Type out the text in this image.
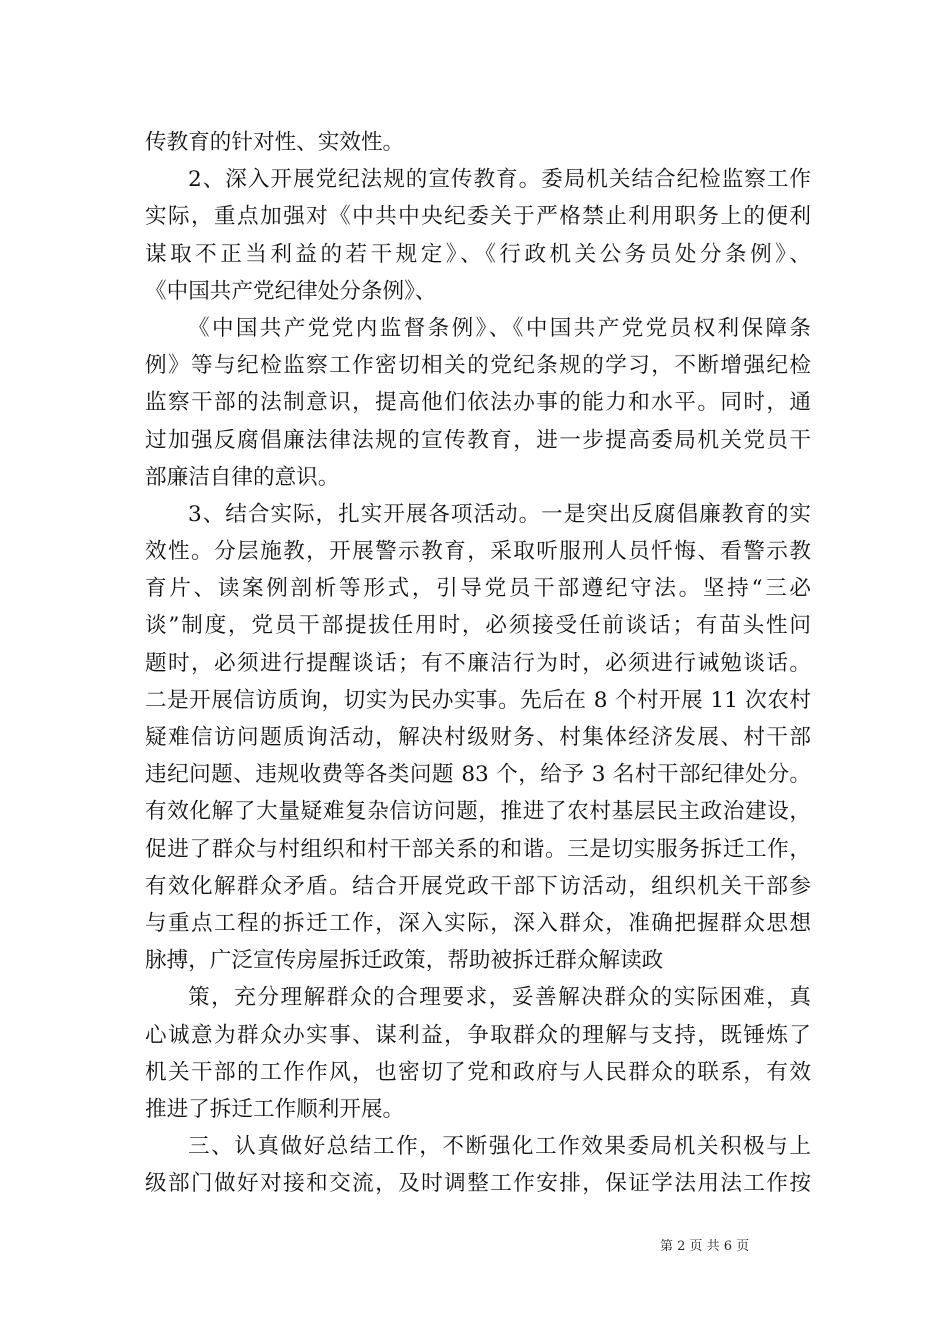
传教育的针对性、实效性。
2、深入开展党纪法规的宣传教育。委局机关结合纪检监察工作
实际，重点加强对《中共中央纪委关于严格禁止利用职务上的便利
谋取不正当利益的若干规定》、《行政机关公务员处分条例》、
《中国共产党纪律处分条例》、
《中国共产党党内监督条例》、《中国共产党党员权利保障条
例》等与纪检监察工作密切相关的党纪条规的学习，不断增强纪检
监察干部的法制意识，提高他们依法办事的能力和水平。同时，通
过加强反腐倡廉法律法规的宣传教育，进一步提高委局机关党员干
部廉洁自律的意识。
3、结合实际，扎实开展各项活动。一是突出反腐倡廉教育的实
效性。分层施教，开展警示教育，采取听服刑人员忏悔、看警示教
育片、读案例剖析等形式，引导党员干部遵纪守法。坚持“三必
谈”制度，党员干部提拔任用时，必须接受任前谈话；有苗头性问
题时，必须进行提醒谈话；有不廉洁行为时，必须进行诫勉谈话。
二是开展信访质询，切实为民办实事。先后在 8 个村开展 11 次农村
疑难信访问题质询活动，解决村级财务、村集体经济发展、村干部
违纪问题、违规收费等各类问题 83 个，给予 3 名村干部纪律处分。
有效化解了大量疑难复杂信访问题，推进了农村基层民主政治建设，
促进了群众与村组织和村干部关系的和谐。三是切实服务拆迁工作，
有效化解群众矛盾。结合开展党政干部下访活动，组织机关干部参
与重点工程的拆迁工作，深入实际，深入群众，准确把握群众思想
脉搏，广泛宣传房屋拆迁政策，帮助被拆迁群众解读政
策，充分理解群众的合理要求，妥善解决群众的实际困难，真
心诚意为群众办实事、谋利益，争取群众的理解与支持，既锤炼了
机关干部的工作作风，也密切了党和政府与人民群众的联系，有效
推进了拆迁工作顺利开展。
三、认真做好总结工作，不断强化工作效果委局机关积极与上
级部门做好对接和交流，及时调整工作安排，保证学法用法工作按
第 2 页 共 6 页
